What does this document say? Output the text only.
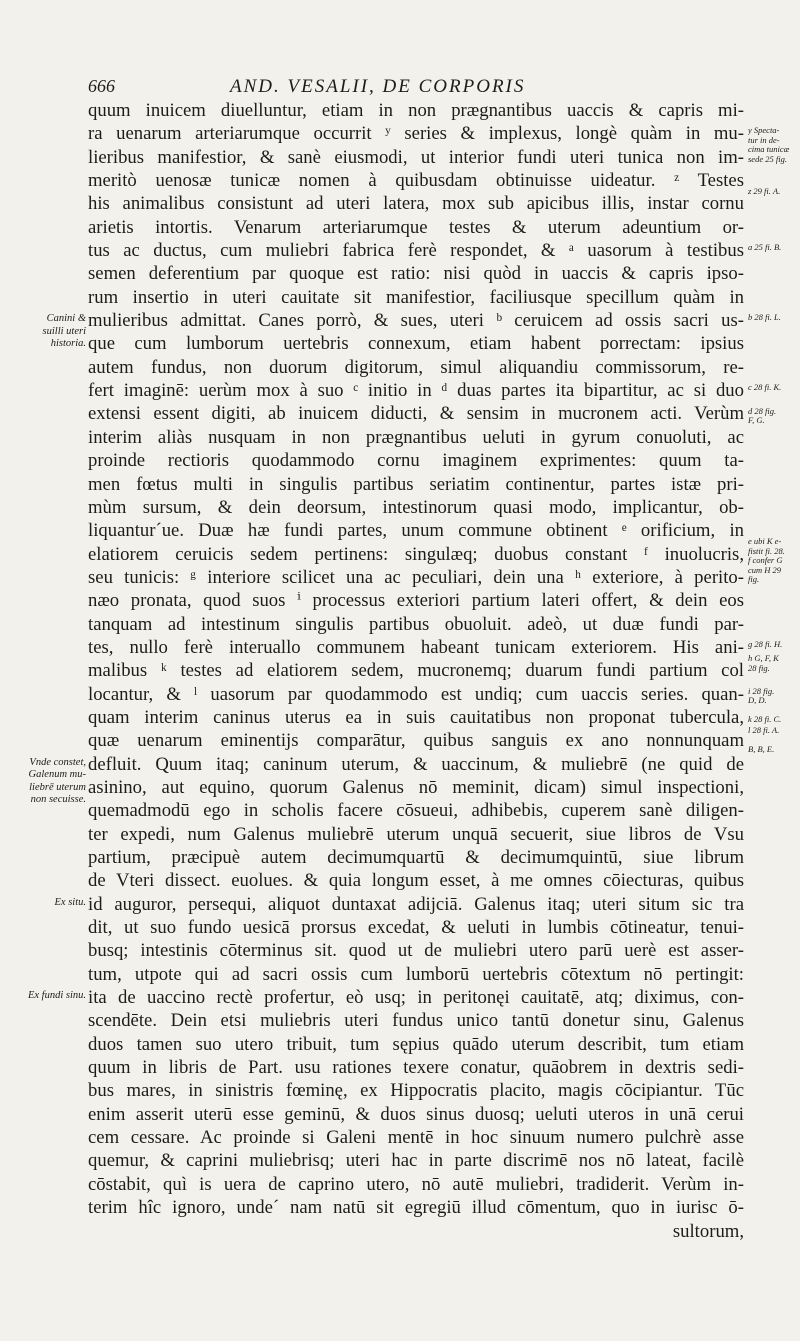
666	AND. VESALII, DE CORPORIS
Canini &
suilli uteri
historia.
Vnde constet,
Galenum mu-
liebrē uterum
non secuisse.
Ex situ.
Ex fundi sinu.
quum inuicem diuelluntur, etiam in non prægnantibus uaccis & capris mi-
ra uenarum arteriarumque occurrit ʸ series & implexus, longè quàm in mu-
lieribus manifestior, & sanè eiusmodi, ut interior fundi uteri tunica non im-
meritò uenosæ tunicæ nomen à quibusdam obtinuisse uideatur. ᶻ Testes
his animalibus consistunt ad uteri latera, mox sub apicibus illis, instar cornu
arietis intortis. Venarum arteriarumque testes & uterum adeuntium or-
tus ac ductus, cum muliebri fabrica ferè respondet, & ᵃ uasorum à testibus
semen deferentium par quoque est ratio: nisi quòd in uaccis & capris ipso-
rum insertio in uteri cauitate sit manifestior, faciliusque specillum quàm in
mulieribus admittat. Canes porrò, & sues, uteri ᵇ ceruicem ad ossis sacri us-
que cum lumborum uertebris connexum, etiam habent porrectam: ipsius
autem fundus, non duorum digitorum, simul aliquandiu commissorum, re-
fert imaginē: uerùm mox à suo ᶜ initio in ᵈ duas partes ita bipartitur, ac si duo
extensi essent digiti, ab inuicem diducti, & sensim in mucronem acti. Verùm
interim aliàs nusquam in non prægnantibus ueluti in gyrum conuoluti, ac
proinde rectioris quodammodo cornu imaginem exprimentes: quum ta-
men fœtus multi in singulis partibus seriatim continentur, partes istæ pri-
mùm sursum, & dein deorsum, intestinorum quasi modo, implicantur, ob-
liquantur´ue. Duæ hæ fundi partes, unum commune obtinent ᵉ orificium, in
elatiorem ceruicis sedem pertinens: singulæq; duobus constant ᶠ inuolucris,
seu tunicis: ᵍ interiore scilicet una ac peculiari, dein una ʰ exteriore, à perito-
næo pronata, quod suos ⁱ processus exteriori partium lateri offert, & dein eos
tanquam ad intestinum singulis partibus obuoluit. adeò, ut duæ fundi par-
tes, nullo ferè interuallo communem habeant tunicam exteriorem. His ani-
malibus ᵏ testes ad elatiorem sedem, mucronemq; duarum fundi partium col
locantur, & ˡ uasorum par quodammodo est undiq; cum uaccis series. quan-
quam interim caninus uterus ea in suis cauitatibus non proponat tubercula,
quæ uenarum eminentijs comparātur, quibus sanguis ex ano nonnunquam
defluit. Quum itaq; caninum uterum, & uaccinum, & muliebrē (ne quid de
asinino, aut equino, quorum Galenus nō meminit, dicam) simul inspectioni,
quemadmodū ego in scholis facere cōsueui, adhibebis, cuperem sanè diligen-
ter expedi, num Galenus muliebrē uterum unquā secuerit, siue libros de Vsu
partium, præcipuè autem decimumquartū & decimumquintū, siue librum
de Vteri dissect. euolues. & quia longum esset, à me omnes cōiecturas, quibus
id auguror, persequi, aliquot duntaxat adijciā. Galenus itaq; uteri situm sic tra
dit, ut suo fundo uesicā prorsus excedat, & ueluti in lumbis cōtineatur, tenui-
busq; intestinis cōterminus sit. quod ut de muliebri utero parū uerè est asser-
tum, utpote qui ad sacri ossis cum lumborū uertebris cōtextum nō pertingit:
ita de uaccino rectè profertur, eò usq; in peritonęi cauitatē, atq; diximus, con-
scendēte. Dein etsi muliebris uteri fundus unico tantū donetur sinu, Galenus
duos tamen suo utero tribuit, tum sępius quādo uterum describit, tum etiam
quum in libris de Part. usu rationes texere conatur, quāobrem in dextris sedi-
bus mares, in sinistris fœminę, ex Hippocratis placito, magis cōcipiantur. Tūc
enim asserit uterū esse geminū, & duos sinus duosq; ueluti uteros in unā cerui
cem cessare. Ac proinde si Galeni mentē in hoc sinuum numero pulchrè asse
quemur, & caprini muliebrisq; uteri hac in parte discrimē nos nō lateat, facilè
cōstabit, quì is uera de caprino utero, nō autē muliebri, tradiderit. Verùm in-
terim hîc ignoro, unde´ nam natū sit egregiū illud cōmentum, quo in iurisc ō-
sultorum,
y Specta-
tur in de-
cima tunicæ
sede 25 fig.
z 29 fi. A.
a 25 fi. B.
b 28 fi. L.
c 28 fi. K.
d 28 fig.
F, G.
e ubi K e-
fistit fi. 28.
f confer G
cum H 29
fig.
g 28 fi. H.
h G, F, K
28 fig.
i 28 fig.
D, D.
k 28 fi. C.
l 28 fi. A.
B, B, E.
